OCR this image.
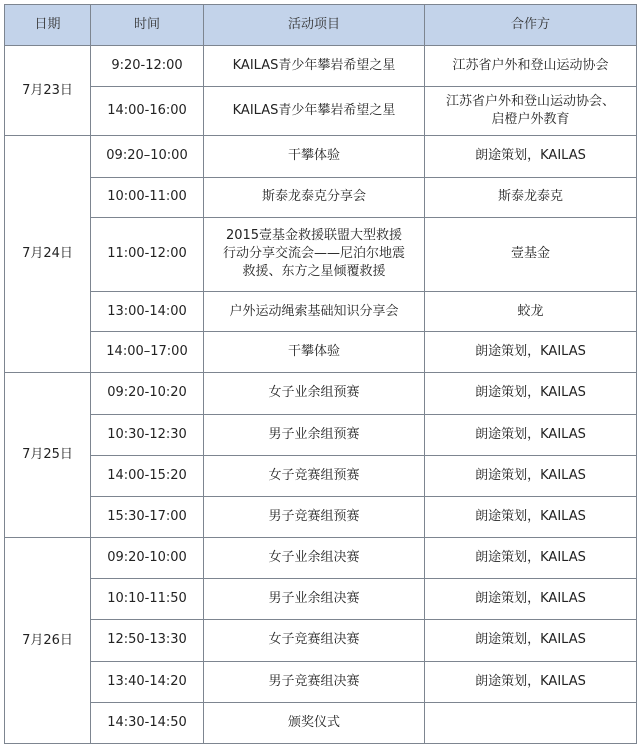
日期	时间	活动项目	合作方
7月23日	9:20-12:00	KAILAS青少年攀岩希望之星	江苏省户外和登山运动协会
	14:00-16:00	KAILAS青少年攀岩希望之星	江苏省户外和登山运动协会、
启橙户外教育
7月24日	09:20–10:00	干攀体验	朗途策划，KAILAS
	10:00-11:00	斯泰龙泰克分享会	斯泰龙泰克
	11:00-12:00	2015壹基金救援联盟大型救援
行动分享交流会——尼泊尔地震
救援、东方之星倾覆救援	壹基金
	13:00-14:00	户外运动绳索基础知识分享会	蛟龙
	14:00–17:00	干攀体验	朗途策划，KAILAS
7月25日	09:20-10:20	女子业余组预赛	朗途策划，KAILAS
	10:30-12:30	男子业余组预赛	朗途策划，KAILAS
	14:00-15:20	女子竞赛组预赛	朗途策划，KAILAS
	15:30-17:00	男子竞赛组预赛	朗途策划，KAILAS
7月26日	09:20-10:00	女子业余组决赛	朗途策划，KAILAS
	10:10-11:50	男子业余组决赛	朗途策划，KAILAS
	12:50-13:30	女子竞赛组决赛	朗途策划，KAILAS
	13:40-14:20	男子竞赛组决赛	朗途策划，KAILAS
	14:30-14:50	颁奖仪式	
